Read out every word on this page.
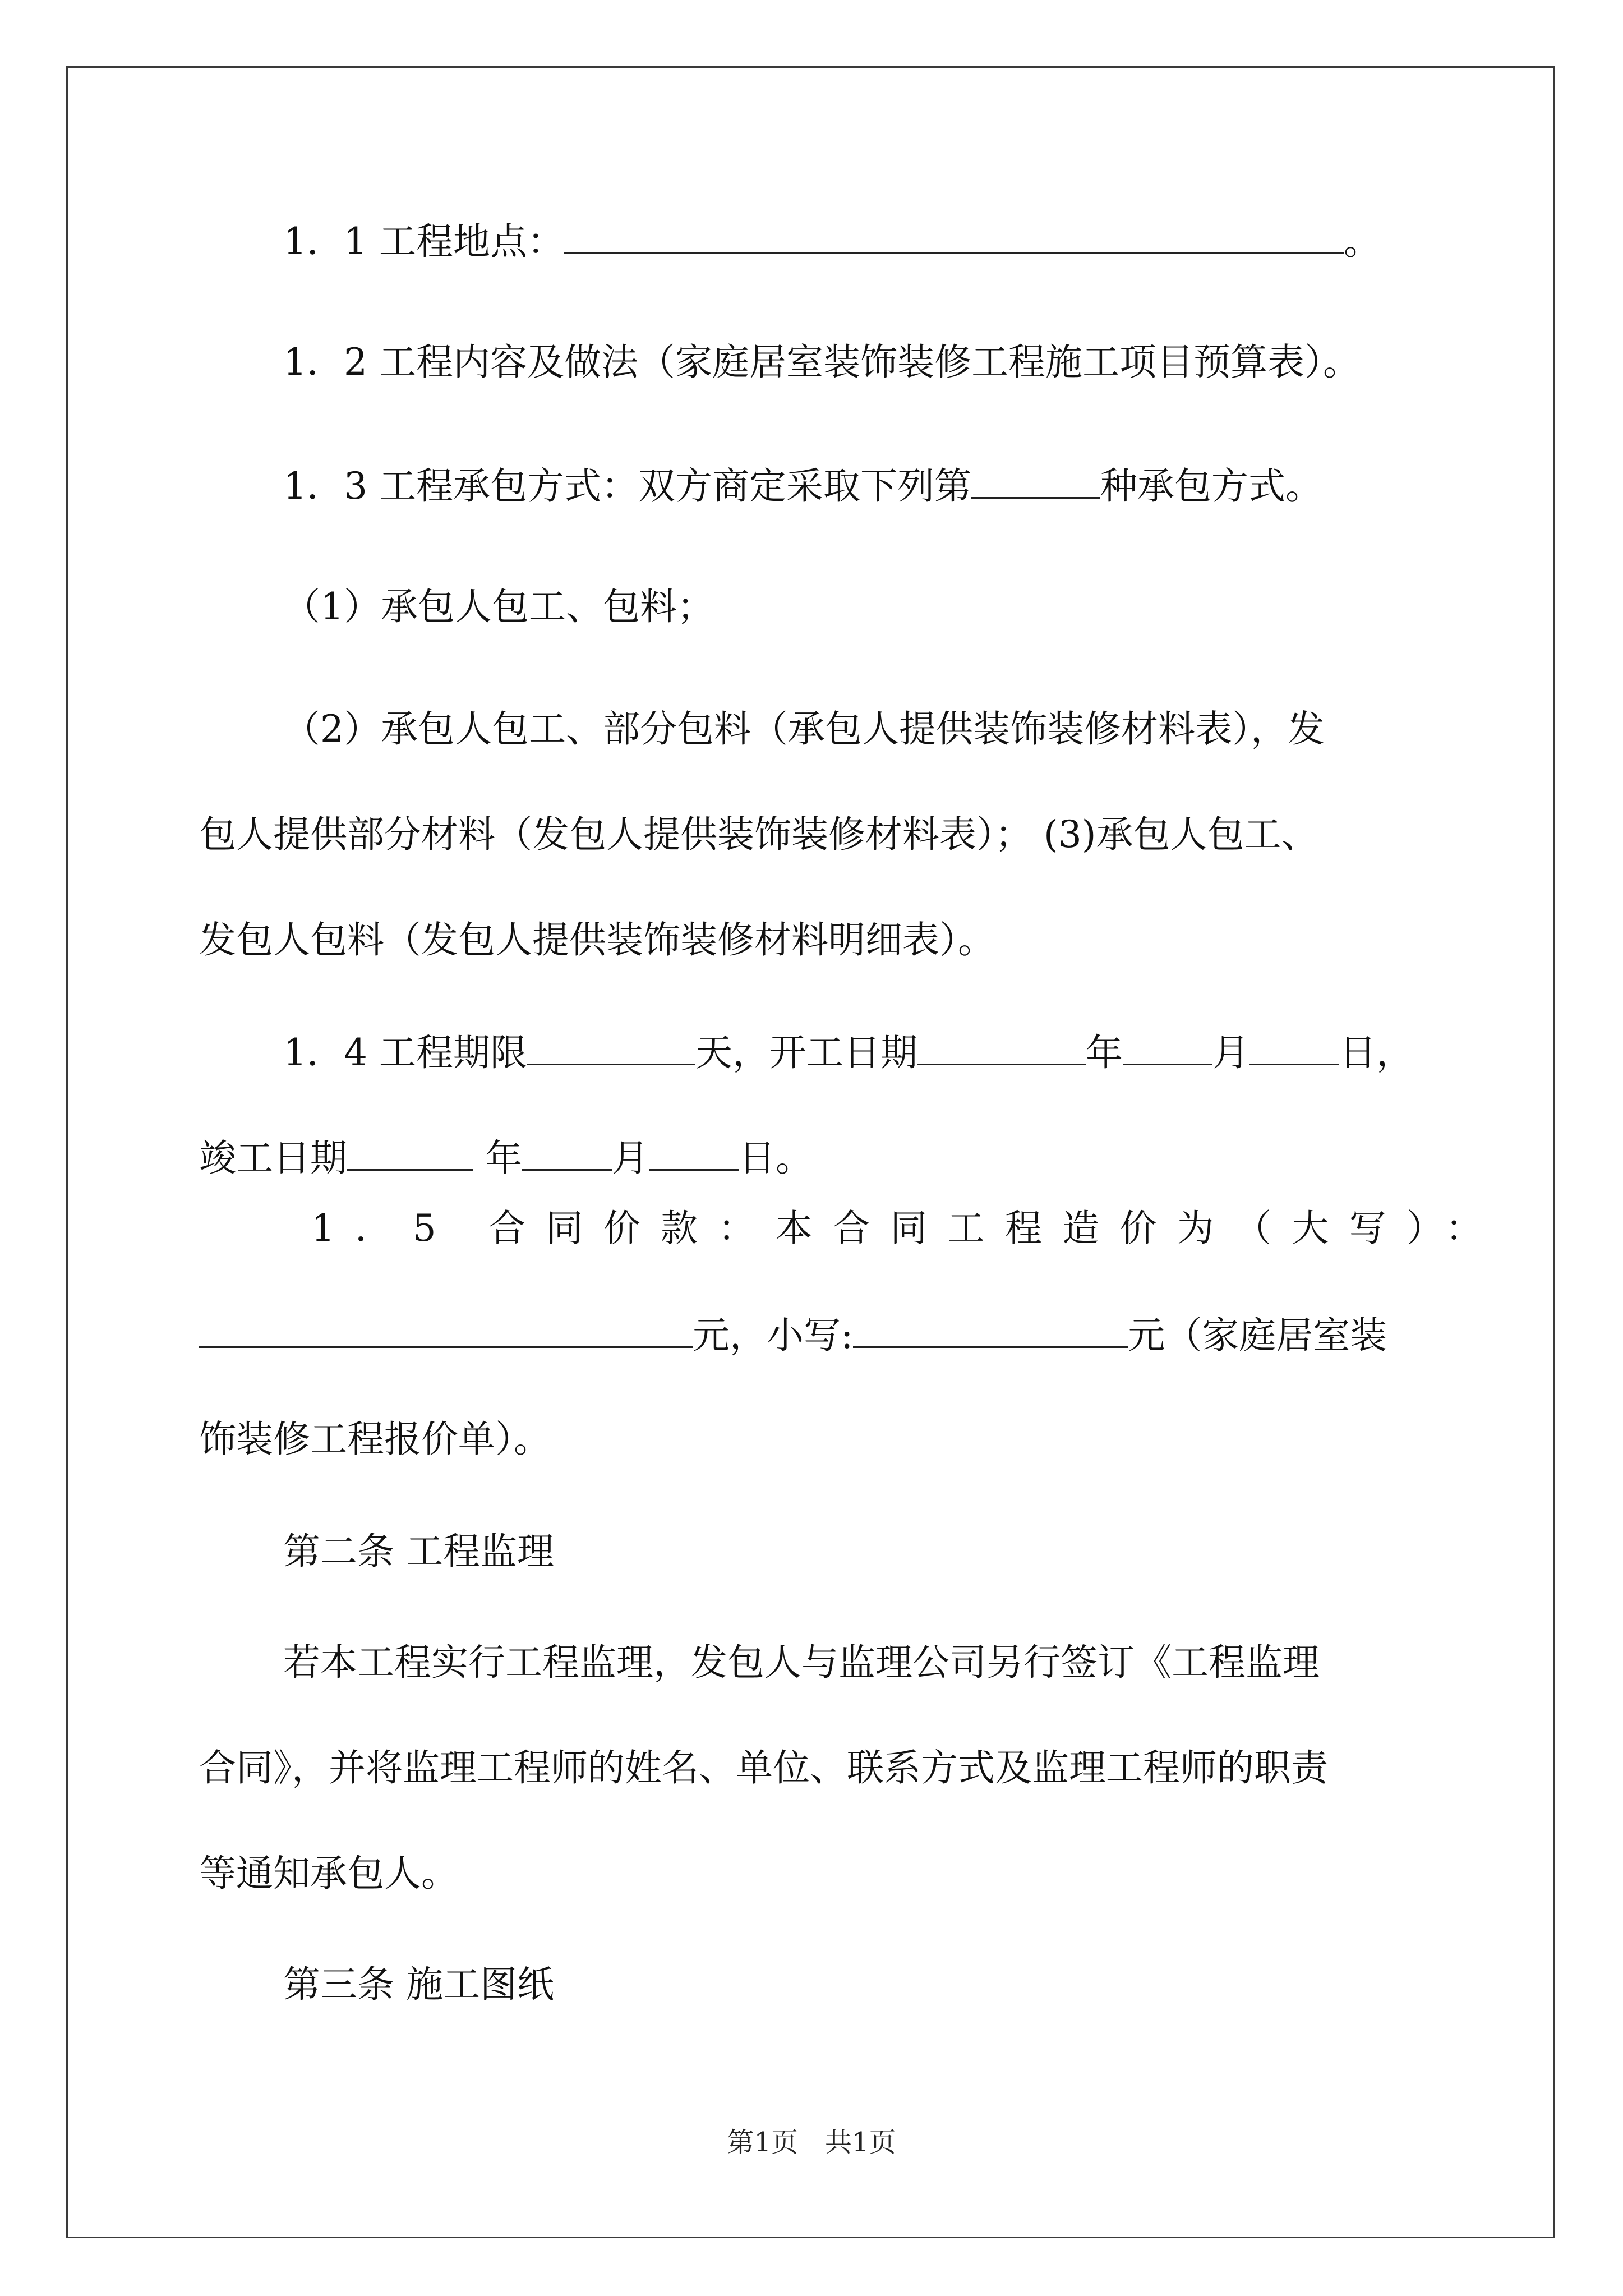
1．1 工程地点：	。
1．2 工程内容及做法（家庭居室装饰装修工程施工项目预算表）。
1．3 工程承包方式：双方商定采取下列第	种承包方式。
（1）承包人包工、包料；
（2）承包人包工、部分包料（承包人提供装饰装修材料表），发
包人提供部分材料（发包人提供装饰装修材料表）； (3)承包人包工、
发包人包料（发包人提供装饰装修材料明细表）。
1．4 工程期限	天，开工日期	年 月 日，
竣工日期	年 月 日。
1．5 合同价款：本合同工程造价为（大写）：
元，小写:	元（家庭居室装
饰装修工程报价单）。
第二条 工程监理
若本工程实行工程监理，发包人与监理公司另行签订《工程监理
合同》，并将监理工程师的姓名、单位、联系方式及监理工程师的职责
等通知承包人。
第三条 施工图纸
第1页　共1页
